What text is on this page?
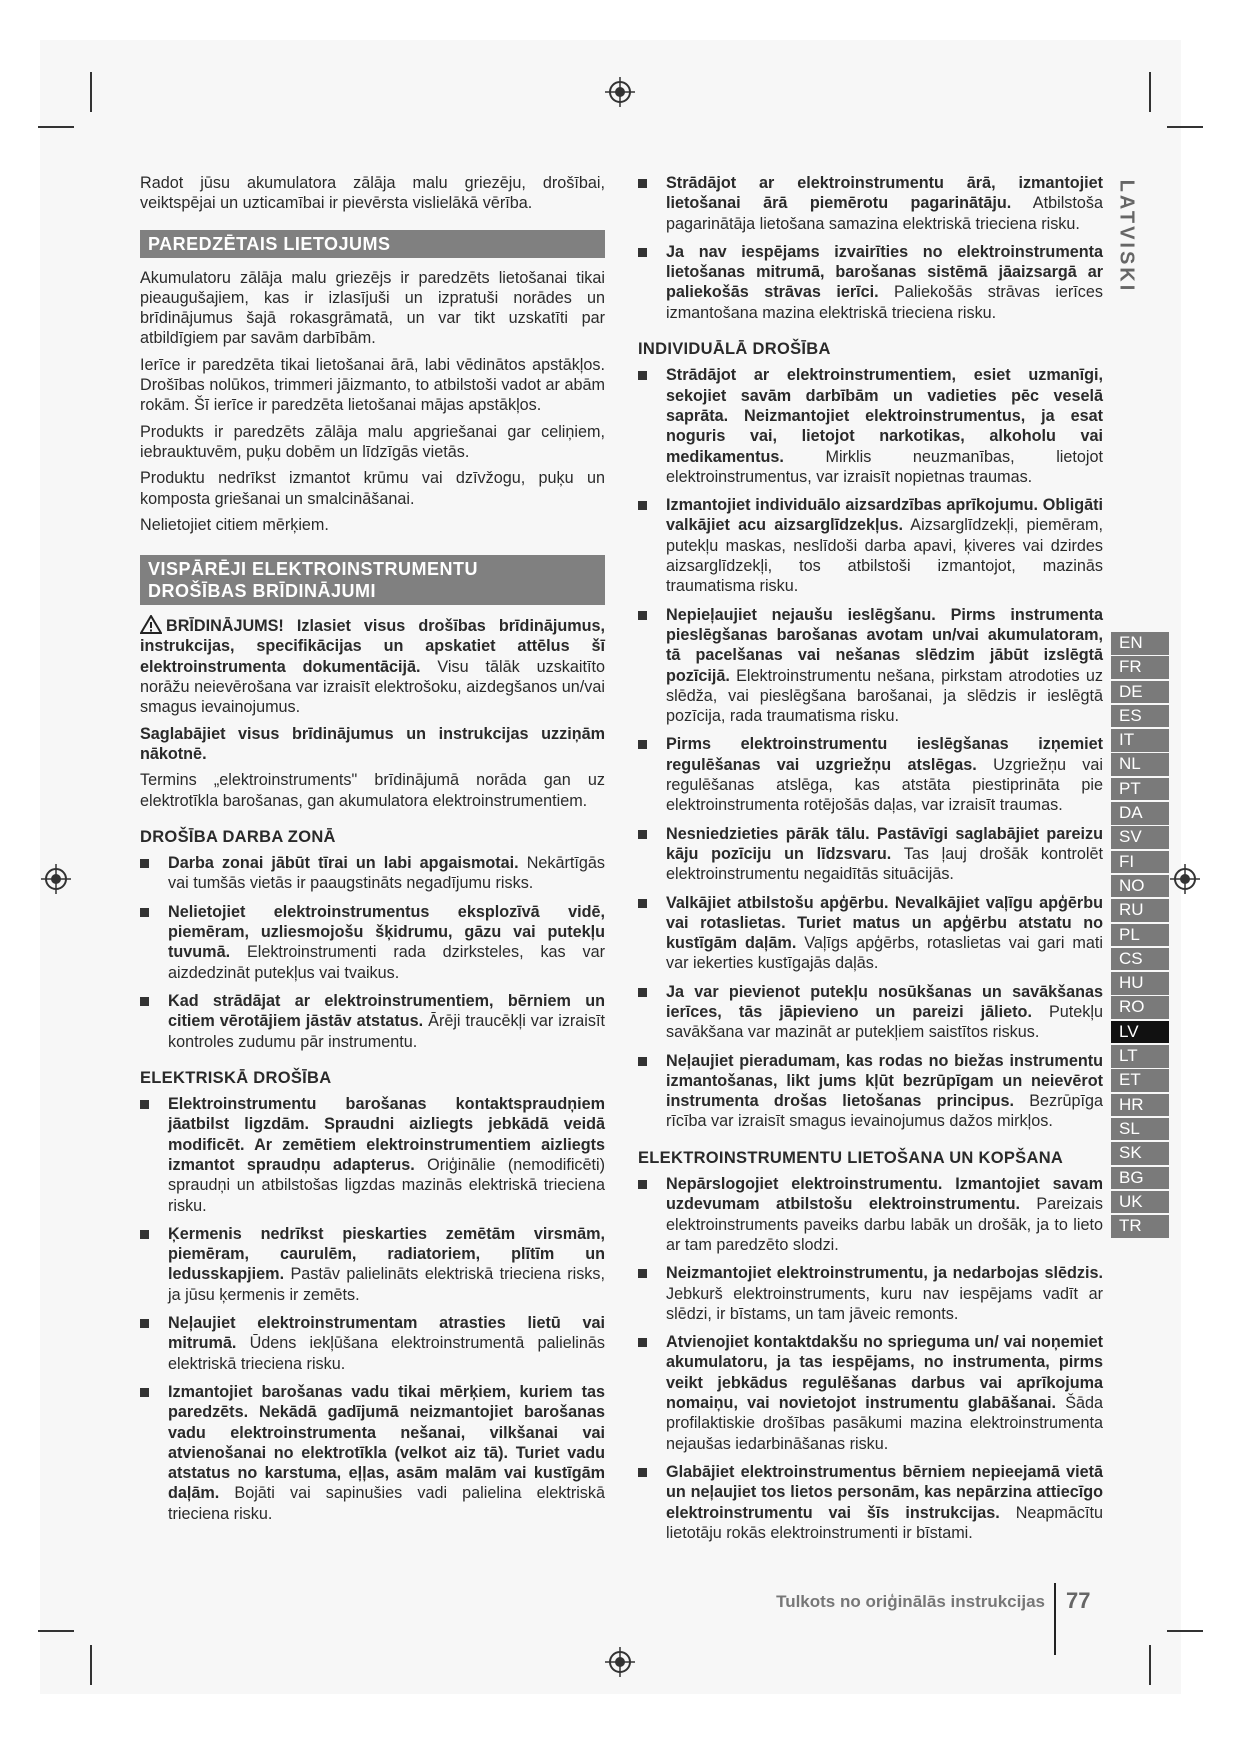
LATVISKI

Radot jūsu akumulatora zālāja malu griezēju, drošībai, veiktspējai un uzticamībai ir pievērsta vislielākā vērība.

PAREDZĒTAIS LIETOJUMS

Akumulatoru zālāja malu griezējs ir paredzēts lietošanai tikai pieaugušajiem, kas ir izlasījuši un izpratuši norādes un brīdinājumus šajā rokasgrāmatā, un var tikt uzskatīti par atbildīgiem par savām darbībām.

Ierīce ir paredzēta tikai lietošanai ārā, labi vēdinātos apstākļos. Drošības nolūkos, trimmeri jāizmanto, to atbilstoši vadot ar abām rokām. Šī ierīce ir paredzēta lietošanai mājas apstākļos.

Produkts ir paredzēts zālāja malu apgriešanai gar celiņiem, iebrauktuvēm, puķu dobēm un līdzīgās vietās.

Produktu nedrīkst izmantot krūmu vai dzīvžogu, puķu un komposta griešanai un smalcināšanai.

Nelietojiet citiem mērķiem.

VISPĀRĒJI ELEKTROINSTRUMENTU
DROŠĪBAS BRĪDINĀJUMI

BRĪDINĀJUMS! Izlasiet visus drošības brīdinājumus, instrukcijas, specifikācijas un apskatiet attēlus šī elektroinstrumenta dokumentācijā. Visu tālāk uzskaitīto norāžu neievērošana var izraisīt elektrošoku, aizdegšanos un/vai smagus ievainojumus.

Saglabājiet visus brīdinājumus un instrukcijas uzziņām nākotnē.

Termins „elektroinstruments" brīdinājumā norāda gan uz elektrotīkla barošanas, gan akumulatora elektroinstrumentiem.

DROŠĪBA DARBA ZONĀ
Darba zonai jābūt tīrai un labi apgaismotai. Nekārtīgās vai tumšās vietās ir paaugstināts negadījumu risks.
Nelietojiet elektroinstrumentus eksplozīvā vidē, piemēram, uzliesmojošu šķidrumu, gāzu vai putekļu tuvumā. Elektroinstrumenti rada dzirksteles, kas var aizdedzināt putekļus vai tvaikus.
Kad strādājat ar elektroinstrumentiem, bērniem un citiem vērotājiem jāstāv atstatus. Ārēji traucēkļi var izraisīt kontroles zudumu pār instrumentu.
ELEKTRISKĀ DROŠĪBA
Elektroinstrumentu barošanas kontaktspraudņiem jāatbilst ligzdām. Spraudni aizliegts jebkādā veidā modificēt. Ar zemētiem elektroinstrumentiem aizliegts izmantot spraudņu adapterus. Oriģinālie (nemodificēti) spraudņi un atbilstošas ligzdas mazinās elektriskā trieciena risku.
Ķermenis nedrīkst pieskarties zemētām virsmām, piemēram, caurulēm, radiatoriem, plītīm un ledusskapjiem. Pastāv palielināts elektriskā trieciena risks, ja jūsu ķermenis ir zemēts.
Neļaujiet elektroinstrumentam atrasties lietū vai mitrumā. Ūdens iekļūšana elektroinstrumentā palielinās elektriskā trieciena risku.
Izmantojiet barošanas vadu tikai mērķiem, kuriem tas paredzēts. Nekādā gadījumā neizmantojiet barošanas vadu elektroinstrumenta nešanai, vilkšanai vai atvienošanai no elektrotīkla (velkot aiz tā). Turiet vadu atstatus no karstuma, eļļas, asām malām vai kustīgām daļām. Bojāti vai sapinušies vadi palielina elektriskā trieciena risku.
Strādājot ar elektroinstrumentu ārā, izmantojiet lietošanai ārā piemērotu pagarinātāju. Atbilstoša pagarinātāja lietošana samazina elektriskā trieciena risku.
Ja nav iespējams izvairīties no elektroinstrumenta lietošanas mitrumā, barošanas sistēmā jāaizsargā ar paliekošās strāvas ierīci. Paliekošās strāvas ierīces izmantošana mazina elektriskā trieciena risku.
INDIVIDUĀLĀ DROŠĪBA
Strādājot ar elektroinstrumentiem, esiet uzmanīgi, sekojiet savām darbībām un vadieties pēc veselā saprāta. Neizmantojiet elektroinstrumentus, ja esat noguris vai, lietojot narkotikas, alkoholu vai medikamentus. Mirklis neuzmanības, lietojot elektroinstrumentus, var izraisīt nopietnas traumas.
Izmantojiet individuālo aizsardzības aprīkojumu. Obligāti valkājiet acu aizsarglīdzekļus. Aizsarglīdzekļi, piemēram, putekļu maskas, neslīdoši darba apavi, ķiveres vai dzirdes aizsarglīdzekļi, tos atbilstoši izmantojot, mazinās traumatisma risku.
Nepieļaujiet nejaušu ieslēgšanu. Pirms instrumenta pieslēgšanas barošanas avotam un/vai akumulatoram, tā pacelšanas vai nešanas slēdzim jābūt izslēgtā pozīcijā. Elektroinstrumentu nešana, pirkstam atrodoties uz slēdža, vai pieslēgšana barošanai, ja slēdzis ir ieslēgtā pozīcija, rada traumatisma risku.
Pirms elektroinstrumentu ieslēgšanas izņemiet regulēšanas vai uzgriežņu atslēgas. Uzgriežņu vai regulēšanas atslēga, kas atstāta piestiprināta pie elektroinstrumenta rotējošās daļas, var izraisīt traumas.
Nesniedzieties pārāk tālu. Pastāvīgi saglabājiet pareizu kāju pozīciju un līdzsvaru. Tas ļauj drošāk kontrolēt elektroinstrumentu negaidītās situācijās.
Valkājiet atbilstošu apģērbu. Nevalkājiet vaļīgu apģērbu vai rotaslietas. Turiet matus un apģērbu atstatu no kustīgām daļām. Vaļīgs apģērbs, rotaslietas vai gari mati var iekerties kustīgajās daļās.
Ja var pievienot putekļu nosūkšanas un savākšanas ierīces, tās jāpievieno un pareizi jālieto. Putekļu savākšana var mazināt ar putekļiem saistītos riskus.
Neļaujiet pieradumam, kas rodas no biežas instrumentu izmantošanas, likt jums kļūt bezrūpīgam un neievērot instrumenta drošas lietošanas principus. Bezrūpīga rīcība var izraisīt smagus ievainojumus dažos mirkļos.
ELEKTROINSTRUMENTU LIETOŠANA UN KOPŠANA
Nepārslogojiet elektroinstrumentu. Izmantojiet savam uzdevumam atbilstošu elektroinstrumentu. Pareizais elektroinstruments paveiks darbu labāk un drošāk, ja to lieto ar tam paredzēto slodzi.
Neizmantojiet elektroinstrumentu, ja nedarbojas slēdzis. Jebkurš elektroinstruments, kuru nav iespējams vadīt ar slēdzi, ir bīstams, un tam jāveic remonts.
Atvienojiet kontaktdakšu no sprieguma un/ vai noņemiet akumulatoru, ja tas iespējams, no instrumenta, pirms veikt jebkādus regulēšanas darbus vai aprīkojuma nomaiņu, vai novietojot instrumentu glabāšanai. Šāda profilaktiskie drošības pasākumi mazina elektroinstrumenta nejaušas iedarbināšanas risku.
Glabājiet elektroinstrumentus bērniem nepieejamā vietā un neļaujiet tos lietos personām, kas nepārzina attiecīgo elektroinstrumentu vai šīs instrukcijas. Neapmācītu lietotāju rokās elektroinstrumenti ir bīstami.
EN
FR
DE
ES
IT
NL
PT
DA
SV
FI
NO
RU
PL
CS
HU
RO
LV
LT
ET
HR
SL
SK
BG
UK
TR
Tulkots no oriģinālās instrukcijas 77
